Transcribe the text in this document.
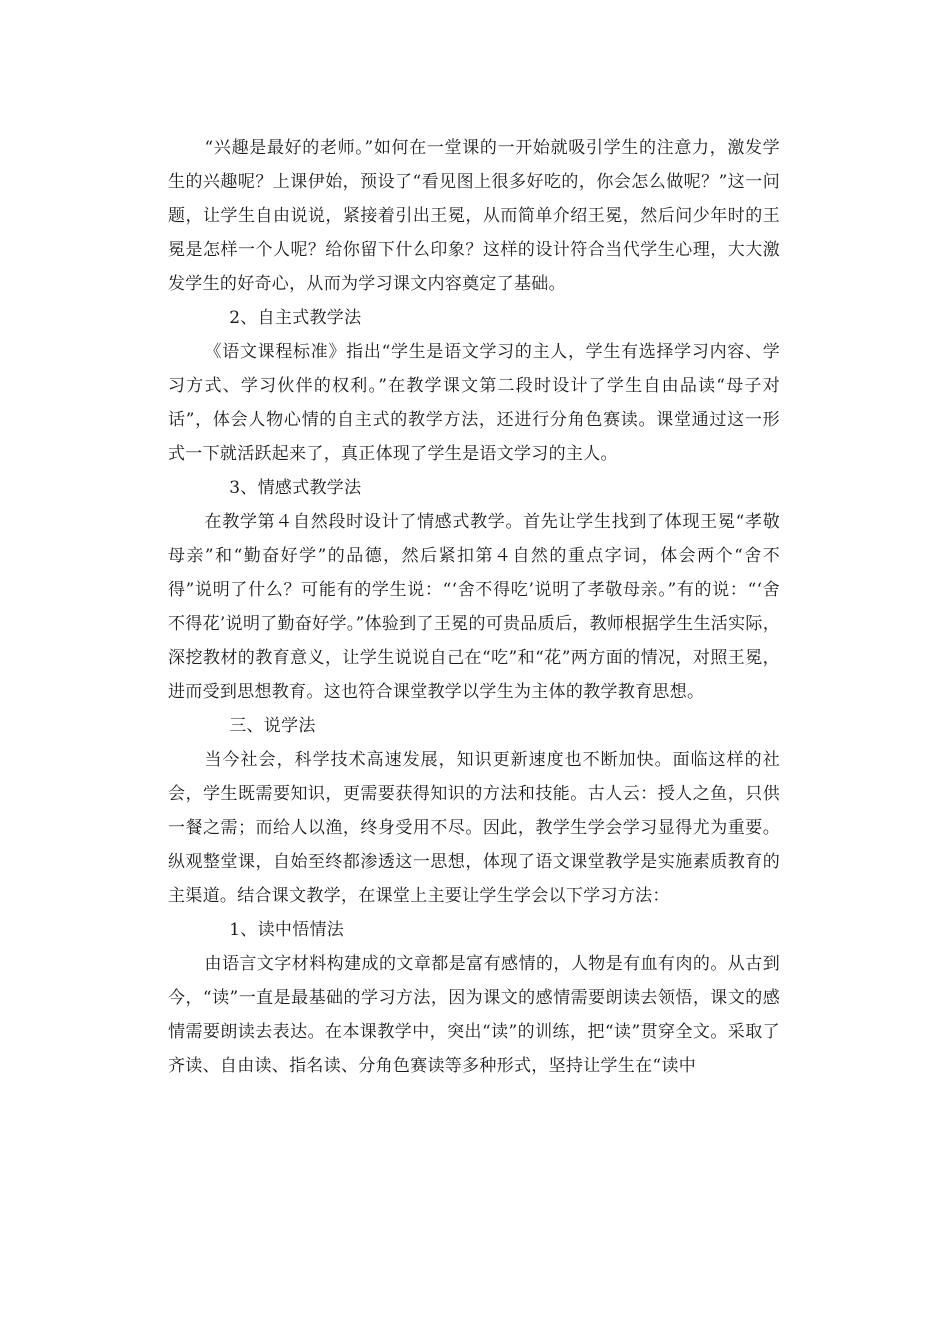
“兴趣是最好的老师。”如何在一堂课的一开始就吸引学生的注意力，激发学生的兴趣呢？上课伊始，预设了“看见图上很多好吃的，你会怎么做呢？”这一问题，让学生自由说说，紧接着引出王冕，从而简单介绍王冕，然后问少年时的王冕是怎样一个人呢？给你留下什么印象？这样的设计符合当代学生心理，大大激发学生的好奇心，从而为学习课文内容奠定了基础。

2、自主式教学法

《语文课程标准》指出“学生是语文学习的主人，学生有选择学习内容、学习方式、学习伙伴的权利。”在教学课文第二段时设计了学生自由品读“母子对话”，体会人物心情的自主式的教学方法，还进行分角色赛读。课堂通过这一形式一下就活跃起来了，真正体现了学生是语文学习的主人。

3、情感式教学法

在教学第４自然段时设计了情感式教学。首先让学生找到了体现王冕“孝敬母亲”和“勤奋好学”的品德，然后紧扣第４自然的重点字词，体会两个“舍不得”说明了什么？可能有的学生说：“‘舍不得吃’说明了孝敬母亲。”有的说：“‘舍不得花’说明了勤奋好学。”体验到了王冕的可贵品质后，教师根据学生生活实际，深挖教材的教育意义，让学生说说自己在“吃”和“花”两方面的情况，对照王冕，进而受到思想教育。这也符合课堂教学以学生为主体的教学教育思想。

三、说学法

当今社会，科学技术高速发展，知识更新速度也不断加快。面临这样的社会，学生既需要知识，更需要获得知识的方法和技能。古人云：授人之鱼，只供一餐之需；而给人以渔，终身受用不尽。因此，教学生学会学习显得尤为重要。纵观整堂课，自始至终都渗透这一思想，体现了语文课堂教学是实施素质教育的主渠道。结合课文教学，在课堂上主要让学生学会以下学习方法：

1、读中悟情法

由语言文字材料构建成的文章都是富有感情的，人物是有血有肉的。从古到今，“读”一直是最基础的学习方法，因为课文的感情需要朗读去领悟，课文的感情需要朗读去表达。在本课教学中，突出“读”的训练，把“读”贯穿全文。采取了齐读、自由读、指名读、分角色赛读等多种形式，坚持让学生在“读中
